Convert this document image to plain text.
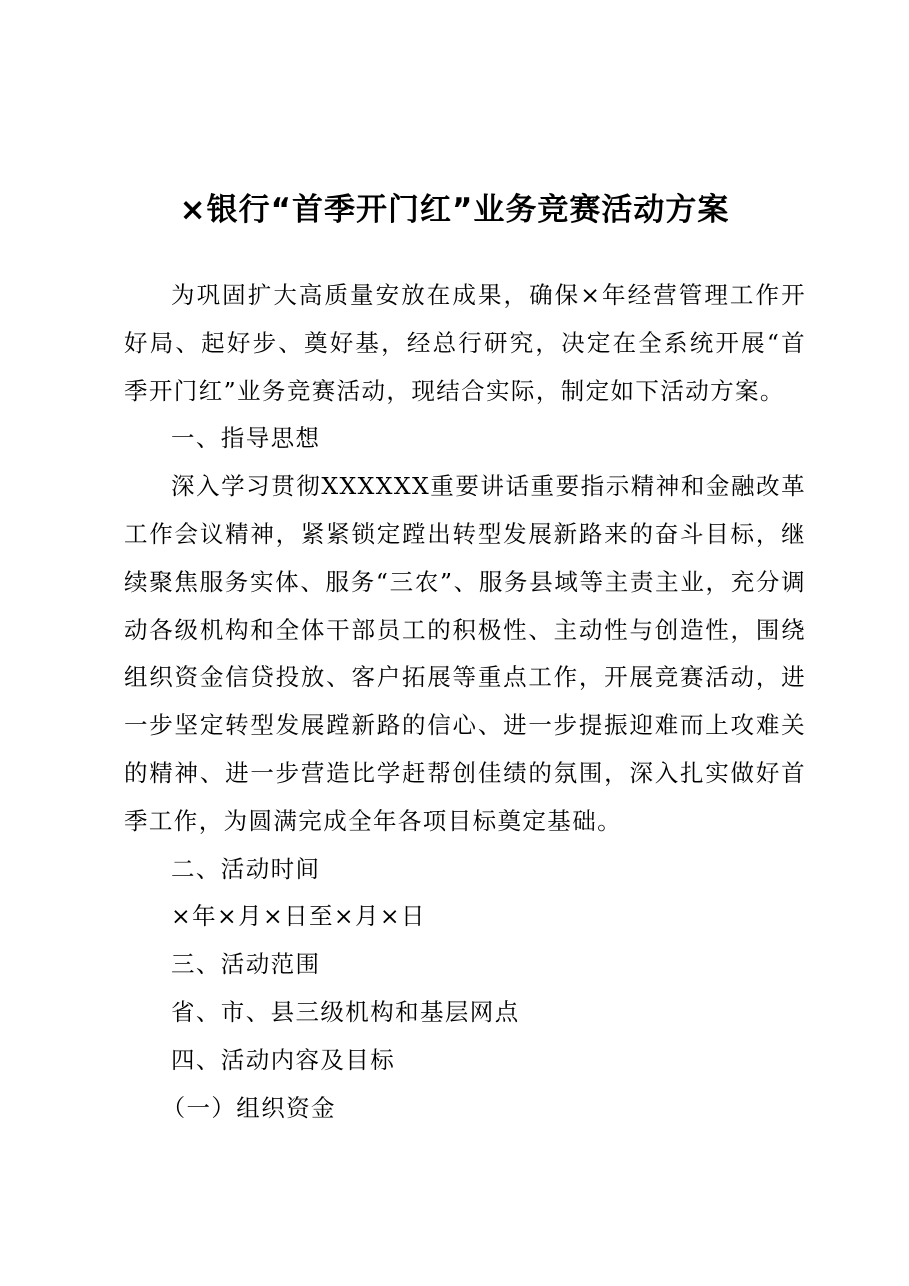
×银行“首季开门红”业务竞赛活动方案

为巩固扩大高质量安放在成果，确保×年经营管理工作开好局、起好步、奠好基，经总行研究，决定在全系统开展“首季开门红”业务竞赛活动，现结合实际，制定如下活动方案。

一、指导思想

深入学习贯彻XXXXXX重要讲话重要指示精神和金融改革工作会议精神，紧紧锁定蹚出转型发展新路来的奋斗目标，继续聚焦服务实体、服务“三农”、服务县域等主责主业，充分调动各级机构和全体干部员工的积极性、主动性与创造性，围绕组织资金信贷投放、客户拓展等重点工作，开展竞赛活动，进一步坚定转型发展蹚新路的信心、进一步提振迎难而上攻难关的精神、进一步营造比学赶帮创佳绩的氛围，深入扎实做好首季工作，为圆满完成全年各项目标奠定基础。

二、活动时间

×年×月×日至×月×日

三、活动范围

省、市、县三级机构和基层网点

四、活动内容及目标

（一）组织资金
